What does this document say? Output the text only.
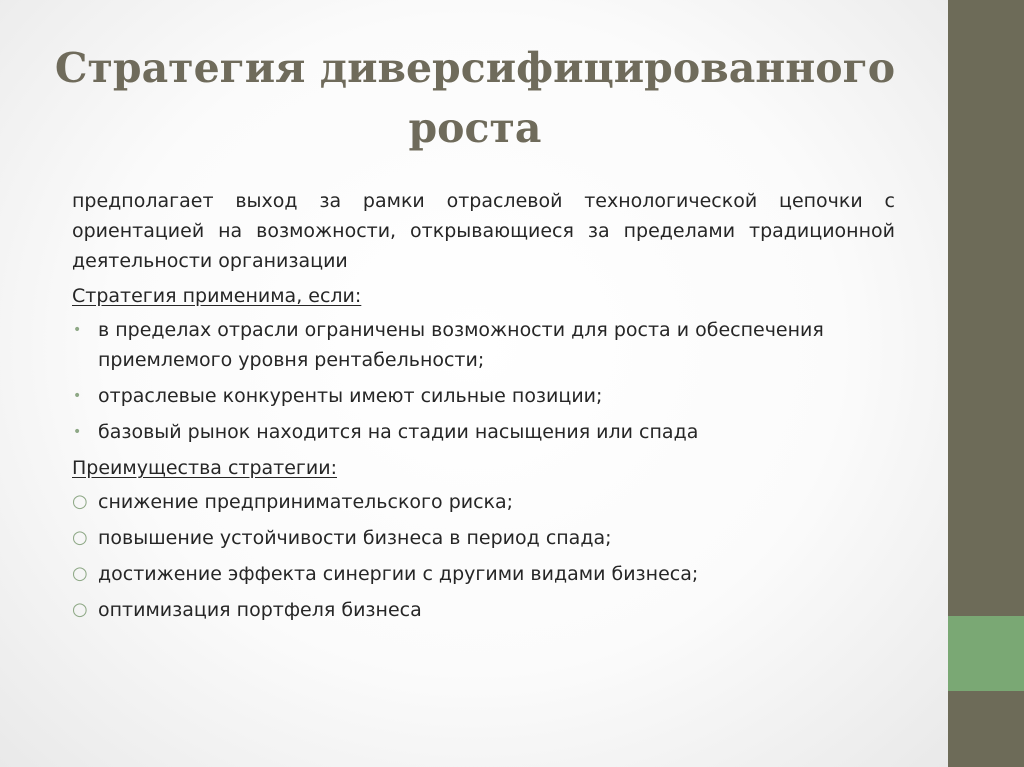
Стратегия диверсифицированного роста

предполагает выход за рамки отраслевой технологической цепочки с ориентацией на возможности, открывающиеся за пределами традиционной деятельности организации

Стратегия применима, если:
• в пределах отрасли ограничены возможности для роста и обеспечения приемлемого уровня рентабельности;
• отраслевые конкуренты имеют сильные позиции;
• базовый рынок находится на стадии насыщения или спада
Преимущества стратегии:
○ снижение предпринимательского риска;
○ повышение устойчивости бизнеса в период спада;
○ достижение эффекта синергии с другими видами бизнеса;
○ оптимизация портфеля бизнеса
